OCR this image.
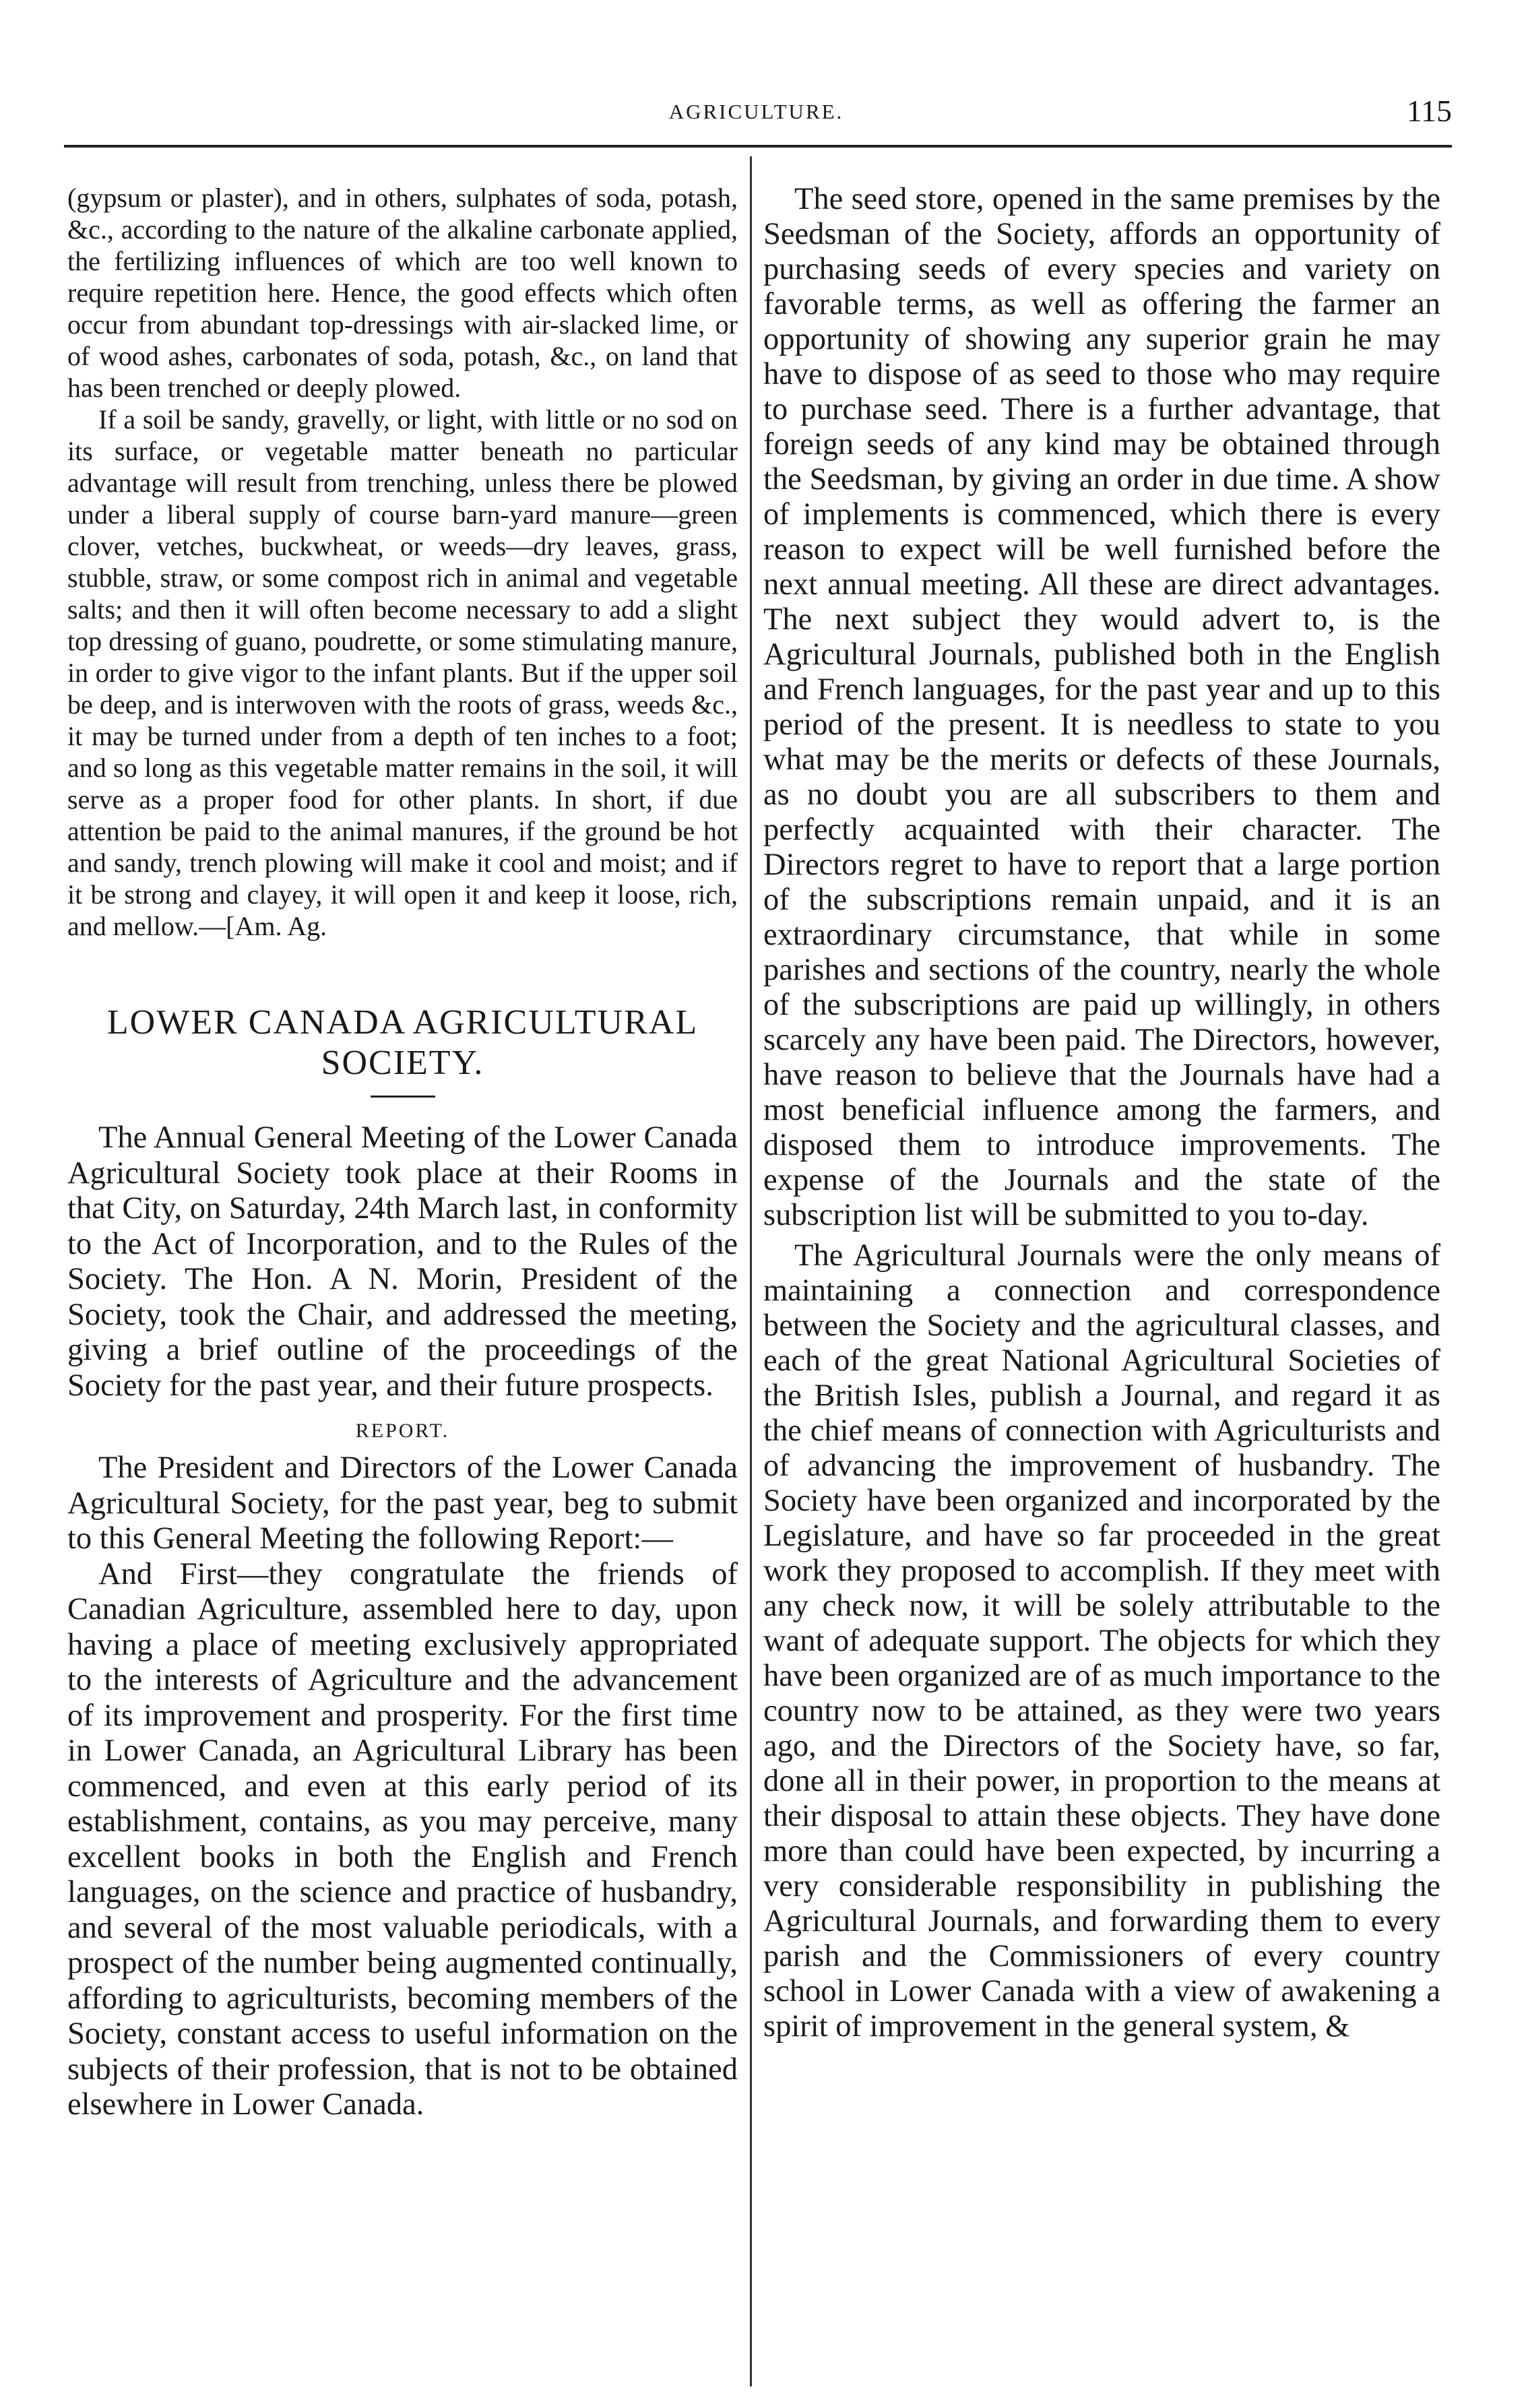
AGRICULTURE.	115

(gypsum or plaster), and in others, sulphates of soda, potash, &c., according to the nature of the alkaline carbonate applied, the fertilizing influences of which are too well known to require repetition here. Hence, the good effects which often occur from abundant top-dressings with air-slacked lime, or of wood ashes, carbonates of soda, potash, &c., on land that has been trenched or deeply plowed.

If a soil be sandy, gravelly, or light, with little or no sod on its surface, or vegetable matter beneath no particular advantage will result from trenching, unless there be plowed under a liberal supply of course barn-yard manure—green clover, vetches, buckwheat, or weeds—dry leaves, grass, stubble, straw, or some compost rich in animal and vegetable salts; and then it will often become necessary to add a slight top dressing of guano, poudrette, or some stimulating manure, in order to give vigor to the infant plants. But if the upper soil be deep, and is interwoven with the roots of grass, weeds &c., it may be turned under from a depth of ten inches to a foot; and so long as this vegetable matter remains in the soil, it will serve as a proper food for other plants. In short, if due attention be paid to the animal manures, if the ground be hot and sandy, trench plowing will make it cool and moist; and if it be strong and clayey, it will open it and keep it loose, rich, and mellow.—[Am. Ag.

LOWER CANADA AGRICULTURAL SOCIETY.

The Annual General Meeting of the Lower Canada Agricultural Society took place at their Rooms in that City, on Saturday, 24th March last, in conformity to the Act of Incorporation, and to the Rules of the Society. The Hon. A N. Morin, President of the Society, took the Chair, and addressed the meeting, giving a brief outline of the proceedings of the Society for the past year, and their future prospects.

REPORT.

The President and Directors of the Lower Canada Agricultural Society, for the past year, beg to submit to this General Meeting the following Report:—

And First—they congratulate the friends of Canadian Agriculture, assembled here to day, upon having a place of meeting exclusively appropriated to the interests of Agriculture and the advancement of its improvement and prosperity. For the first time in Lower Canada, an Agricultural Library has been commenced, and even at this early period of its establishment, contains, as you may perceive, many excellent books in both the English and French languages, on the science and practice of husbandry, and several of the most valuable periodicals, with a prospect of the number being augmented continually, affording to agriculturists, becoming members of the Society, constant access to useful information on the subjects of their profession, that is not to be obtained elsewhere in Lower Canada.

The seed store, opened in the same premises by the Seedsman of the Society, affords an opportunity of purchasing seeds of every species and variety on favorable terms, as well as offering the farmer an opportunity of showing any superior grain he may have to dispose of as seed to those who may require to purchase seed. There is a further advantage, that foreign seeds of any kind may be obtained through the Seedsman, by giving an order in due time. A show of implements is commenced, which there is every reason to expect will be well furnished before the next annual meeting. All these are direct advantages. The next subject they would advert to, is the Agricultural Journals, published both in the English and French languages, for the past year and up to this period of the present. It is needless to state to you what may be the merits or defects of these Journals, as no doubt you are all subscribers to them and perfectly acquainted with their character. The Directors regret to have to report that a large portion of the subscriptions remain unpaid, and it is an extraordinary circumstance, that while in some parishes and sections of the country, nearly the whole of the subscriptions are paid up willingly, in others scarcely any have been paid. The Directors, however, have reason to believe that the Journals have had a most beneficial influence among the farmers, and disposed them to introduce improvements. The expense of the Journals and the state of the subscription list will be submitted to you to-day.

The Agricultural Journals were the only means of maintaining a connection and correspondence between the Society and the agricultural classes, and each of the great National Agricultural Societies of the British Isles, publish a Journal, and regard it as the chief means of connection with Agriculturists and of advancing the improvement of husbandry. The Society have been organized and incorporated by the Legislature, and have so far proceeded in the great work they proposed to accomplish. If they meet with any check now, it will be solely attributable to the want of adequate support. The objects for which they have been organized are of as much importance to the country now to be attained, as they were two years ago, and the Directors of the Society have, so far, done all in their power, in proportion to the means at their disposal to attain these objects. They have done more than could have been expected, by incurring a very considerable responsibility in publishing the Agricultural Journals, and forwarding them to every parish and the Commissioners of every country school in Lower Canada with a view of awakening a spirit of improvement in the general system, &
